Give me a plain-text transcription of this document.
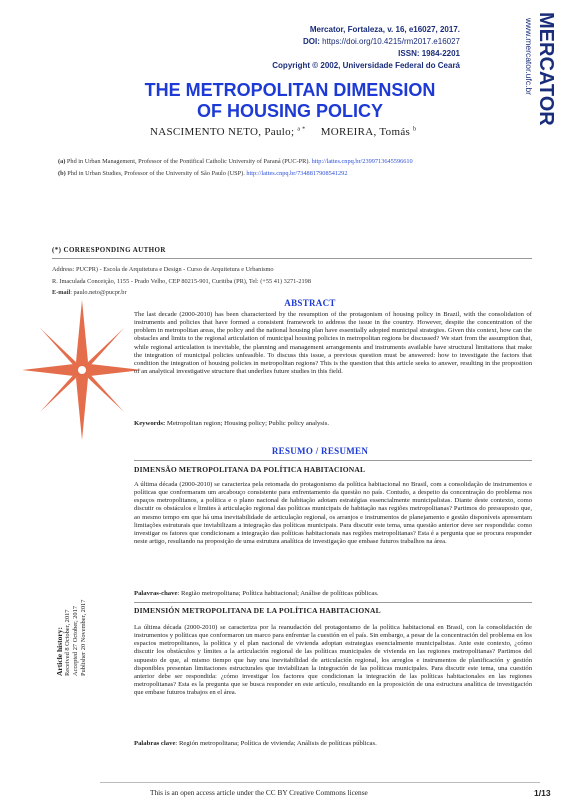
Mercator, Fortaleza, v. 16, e16027, 2017.
DOI: https://doi.org/10.4215/rm2017.e16027
ISSN: 1984-2201
Copyright © 2002, Universidade Federal do Ceará	www.mercator.ufc.br MERCATOR
THE METROPOLITAN DIMENSION
OF HOUSING POLICY
NASCIMENTO NETO, Paulo; $^{a *}$ MOREIRA, Tomás $^b$
(a) Phd in Urban Management, Professor of the Pontifical Catholic University of Paraná (PUC-PR). http://lattes.cnpq.br/2399713645596610
(b) Phd in Urban Studies, Professor of the University of São Paulo (USP). http://lattes.cnpq.br/7348817908541292
(*) CORRESPONDING AUTHOR
Address: PUCPR) - Escola de Arquitetura e Design - Curso de Arquitetura e Urbanismo
R. Imaculada Conceição, 1155 - Prado Velho, CEP 80215-901, Curitiba (PR), Tel: (+55 41) 3271-2198
E-mail: paulo.neto@pucpr.br
ABSTRACT
The last decade (2000-2010) has been characterized by the resumption of the protagonism of housing policy in Brazil, with the consolidation of instruments and policies that have formed a consistent framework to address the issue in the country. However, despite the concentration of the problem in metropolitan areas, the policy and the national housing plan have essentially adopted municipal strategies. Given this context, how can the obstacles and limits to the regional articulation of municipal housing policies in metropolitan regions be discussed? We start from the assumption that, while regional articulation is inevitable, the planning and management arrangements and instruments available have structural limitations that make the integration of municipal policies unfeasible. To discuss this issue, a previous question must be answered: how to investigate the factors that condition the integration of housing policies in metropolitan regions? This is the question that this article seeks to answer, resulting in the proposition of an analytical investigative structure that underlies future studies in this field.
Keywords: Metropolitan region; Housing policy; Public policy analysis.
RESUMO / RESUMEN
DIMENSÃO METROPOLITANA DA POLÍTICA HABITACIONAL
A última década (2000-2010) se caracteriza pela retomada do protagonismo da política habitacional no Brasil, com a consolidação de instrumentos e políticas que conformaram um arcabouço consistente para enfrentamento da questão no país. Contudo, a despeito da concentração do problema nos espaços metropolitanos, a política e o plano nacional de habitação adotam estratégias essencialmente municipalistas. Diante deste contexto, como discutir os obstáculos e limites à articulação regional das políticas municipais de habitação nas regiões metropolitanas? Partimos do pressuposto que, ao mesmo tempo em que há uma inevitabilidade de articulação regional, os arranjos e instrumentos de planejamento e gestão disponíveis apresentam limitações estruturais que inviabilizam a integração das políticas municipais. Para discutir este tema, uma questão anterior deve ser respondida: como investigar os fatores que condicionam a integração das políticas habitacionais nas regiões metropolitanas? Esta é a pergunta que se procura responder neste artigo, resultando na proposição de uma estrutura analítica de investigação que embase futuros trabalhos na área.
Palavras-chave: Região metropolitana; Política habitacional; Análise de políticas públicas.
DIMENSIÓN METROPOLITANA DE LA POLÍTICA HABITACIONAL
La última década (2000-2010) se caracteriza por la reanudación del protagonismo de la política habitacional en Brasil, con la consolidación de instrumentos y políticas que conformaron un marco para enfrentar la cuestión en el país. Sin embargo, a pesar de la concentración del problema en los espacios metropolitanos, la política y el plan nacional de vivienda adoptan estrategias esencialmente municipalistas. Ante este contexto, ¿cómo discutir los obstáculos y límites a la articulación regional de las políticas municipales de vivienda en las regiones metropolitanas? Partimos del supuesto de que, al mismo tiempo que hay una inevitabilidad de articulación regional, los arreglos e instrumentos de planificación y gestión disponibles presentan limitaciones estructurales que inviabilizan la integración de las políticas municipales. Para discutir este tema, una cuestión anterior debe ser respondida: ¿cómo investigar los factores que condicionan la integración de las políticas habitacionales en las regiones metropolitanas? Esta es la pregunta que se busca responder en este artículo, resultando en la proposición de una estructura analítica de investigación que embase futuros trabajos en el área.
Palabras clave: Región metropolitana; Política de vivienda; Análisis de políticas públicas.
Article history: Received 8 October, 2017 Accepted 27 October, 2017 Publisher 20 November, 2017
This is an open access article under the CC BY Creative Commons license	1/13
